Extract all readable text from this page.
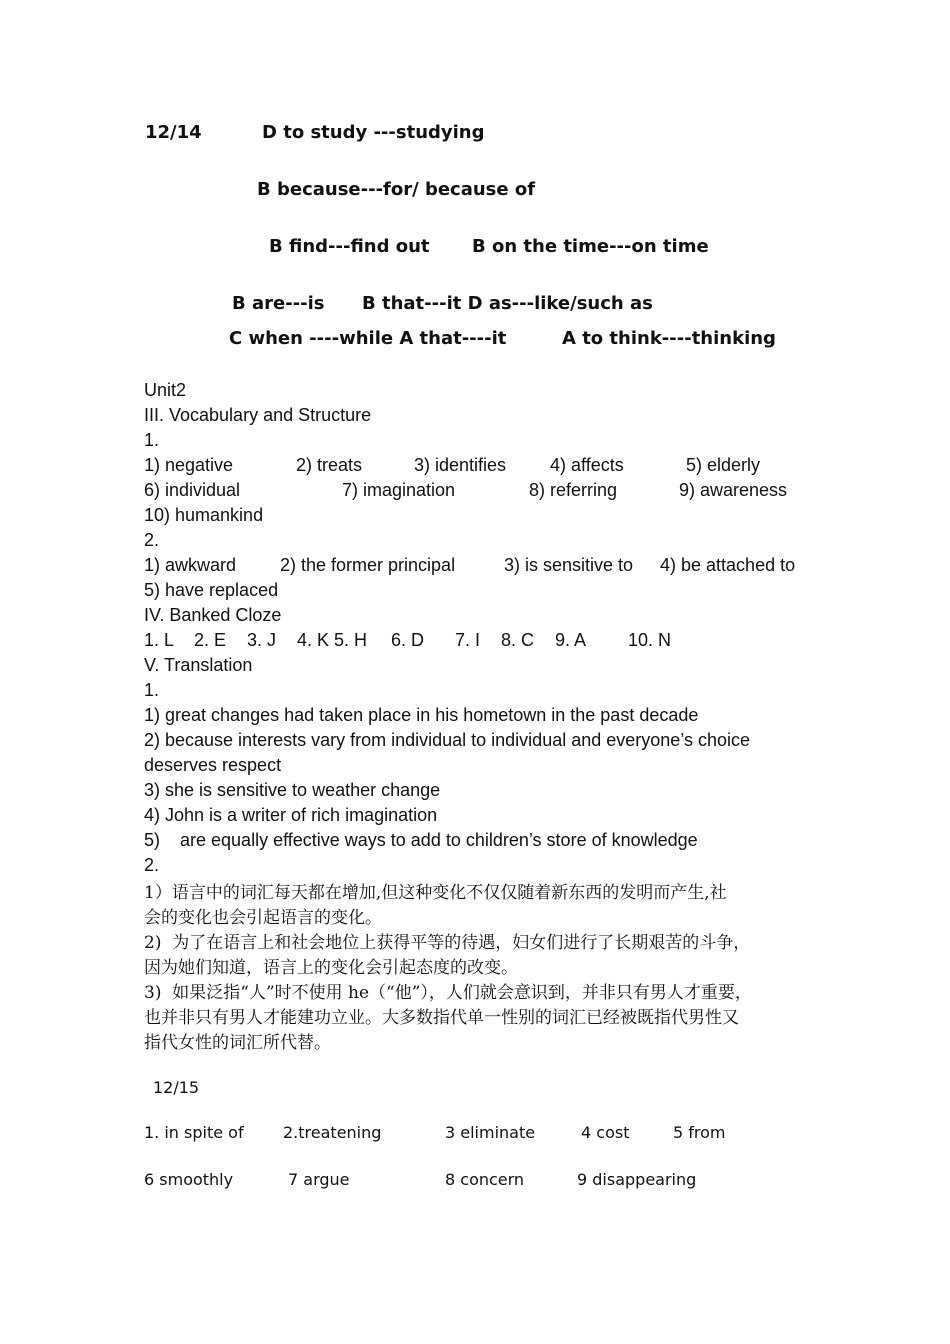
12/14	D to study ---studying
B because---for/ because of
B find---find out B on the time---on time
B are---is B that---it D as---like/such as
C when ----while A that----it	A to think----thinking
Unit2
III. Vocabulary and Structure
1.
1) negative	2) treats	3) identifies 4) affects	5) elderly
6) individual	7) imagination	8) referring	9) awareness
10) humankind
2.
1) awkward 2) the former principal	3) is sensitive to 4) be attached to
5) have replaced
IV. Banked Cloze
1. L 2. E 3. J 4. K 5. H 6. D 7. I 8. C 9. A 10. N
V. Translation
1.
1) great changes had taken place in his hometown in the past decade
2) because interests vary from individual to individual and everyone’s choice
deserves respect
3) she is sensitive to weather change
4) John is a writer of rich imagination
5)    are equally effective ways to add to children’s store of knowledge
2.
1）语言中的词汇每天都在增加,但这种变化不仅仅随着新东西的发明而产生,社
会的变化也会引起语言的变化。
2)  为了在语言上和社会地位上获得平等的待遇，妇女们进行了长期艰苦的斗争，
因为她们知道，语言上的变化会引起态度的改变。
3)  如果泛指“人”时不使用 he（“他”），人们就会意识到，并非只有男人才重要，
也并非只有男人才能建功立业。大多数指代单一性别的词汇已经被既指代男性又
指代女性的词汇所代替。
12/15
1. in spite of 2.treatening	3 eliminate	4 cost	5 from
6 smoothly	7 argue	8 concern	9 disappearing
